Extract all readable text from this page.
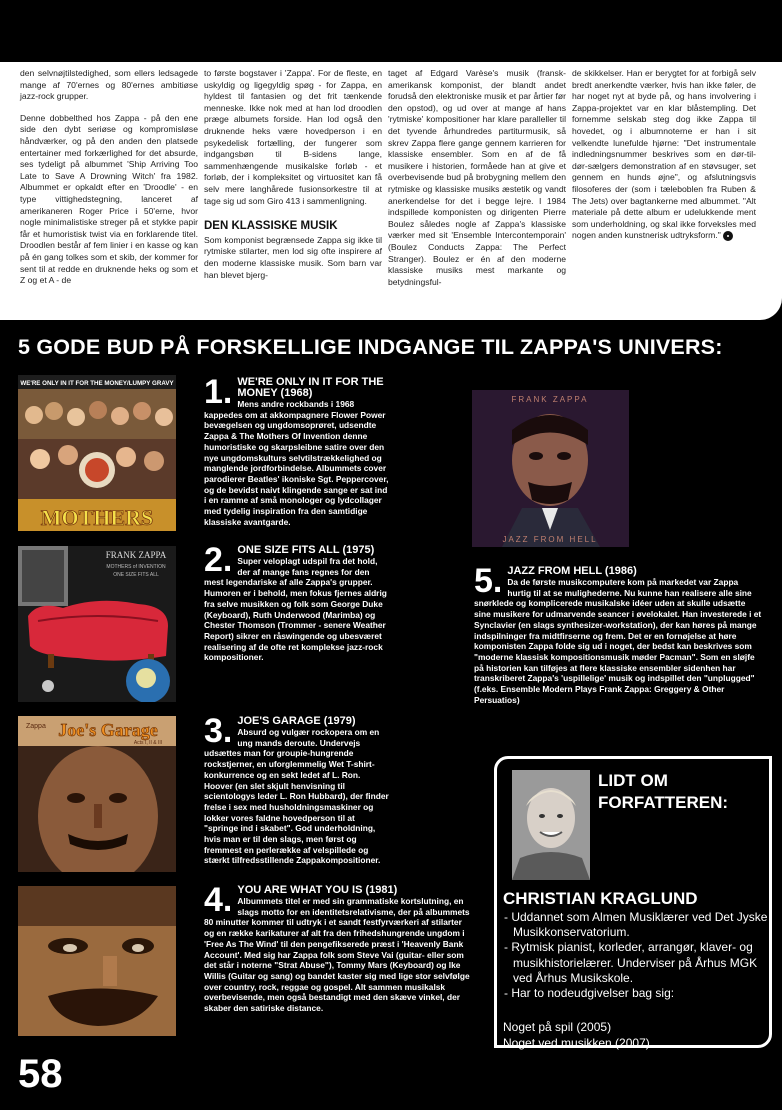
den selvnøjtilstedighed, som ellers ledsagede mange af 70'ernes og 80'ernes ambitiøse jazz-rock grupper.

Denne dobbelthed hos Zappa - på den ene side den dybt seriøse og kompromisløse håndværker, og på den anden den platsede entertainer med forkærlighed for det absurde, ses tydeligt på albummet 'Ship Arriving Too Late to Save A Drowning Witch' fra 1982. Albummet er opkaldt efter en 'Droodle' - en type vittighedstegning, lanceret af amerikaneren Roger Price i 50'erne, hvor nogle minimalistiske streger på et stykke papir får et humoristisk twist via en forklarende titel. Droodlen består af fem linier i en kasse og kan på én gang tolkes som et skib, der kommer for sent til at redde en druknende heks og som et Z og et A - de

to første bogstaver i 'Zappa'. For de fleste, en uskyldig og ligegyldig spøg - for Zappa, en hyldest til fantasien og det frit tænkende menneske. Ikke nok med at han lod droodlen præge albumets forside. Han lod også den druknende heks være hovedperson i en psykedelisk fortælling, der fungerer som indgangsbøn til B-sidens lange, sammenhængende musikalske forløb - et forløb, der i kompleksitet og virtuositet kan få selv mere langhårede fusionsorkestre til at tage sig ud som Giro 413 i sammenligning.

DEN KLASSISKE MUSIK

Som komponist begrænsede Zappa sig ikke til rytmiske stilarter, men lod sig ofte inspirere af den moderne klassiske musik. Som barn var han blevet bjerg-

taget af Edgard Varèse's musik (fransk-amerikansk komponist, der blandt andet forudså den elektroniske musik et par årtier før den opstod), og ud over at mange af hans 'rytmiske' kompositioner har klare paralleller til det tyvende århundredes partiturmusik, så skrev Zappa flere gange gennem karrieren for klassiske ensembler. Som en af de få musikere i historien, formåede han at give et overbevisende bud på brobygning mellem den rytmiske og klassiske musiks æstetik og vandt anerkendelse for det i begge lejre. I 1984 indspillede komponisten og dirigenten Pierre Boulez således nogle af Zappa's klassiske værker med sit 'Ensemble Intercontemporain' (Boulez Conducts Zappa: The Perfect Stranger). Boulez er én af den moderne klassiske musiks mest markante og betydningsful-

de skikkelser. Han er berygtet for at forbigå selv bredt anerkendte værker, hvis han ikke føler, de har noget nyt at byde på, og hans involvering i Zappa-projektet var en klar blåstempling. Det fornemme selskab steg dog ikke Zappa til hovedet, og i albumnoterne er han i sit velkendte lunefulde hjørne: "Det instrumentale indledningsnummer beskrives som en dør-til-dør-sælgers demonstration af en støvsuger, set gennem en hunds øjne", og afslutningsvis filosoferes der (som i tæleboblen fra Ruben & The Jets) over bagtankerne med albummet. "Alt materiale på dette album er udelukkende ment som underholdning, og skal ikke forveksles med nogen anden kunstnerisk udtryksform."

5 GODE BUD PÅ FORSKELLIGE INDGANGE TIL ZAPPA'S UNIVERS:
WE'RE ONLY IN IT FOR THE MONEY/LUMPY GRAVY
MOTHERS
1. WE'RE ONLY IN IT FOR THE MONEY (1968)
Mens andre rockbands i 1968 kappedes om at akkompagnere Flower Power bevægelsen og ungdomsoprøret, udsendte Zappa & The Mothers Of Invention denne humoristiske og skarpsleibne satire over den nye ungdomskulturs selvtilstrækkelighed og manglende jordforbindelse. Albummets cover parodierer Beatles' ikoniske Sgt. Peppercover, og de bevidst naivt klingende sange er sat ind i en ramme af små monologer og lydcollager med tydelig inspiration fra den samtidige klassiske avantgarde.
FRANK ZAPPA
MOTHERS of INVENTION
ONE SIZE FITS ALL 2. ONE SIZE FITS ALL (1975)
Super veloplagt udspil fra det hold, der af mange fans regnes for den mest legendariske af alle Zappa's grupper. Humoren er i behold, men fokus fjernes aldrig fra selve musikken og folk som George Duke (Keyboard), Ruth Underwood (Marimba) og Chester Thomson (Trommer - senere Weather Report) sikrer en råswingende og ubesværet realisering af de ofte ret komplekse jazz-rock kompositioner.
Zappa Joe's Garage
Acts I, II & III 3. JOE'S GARAGE (1979)
Absurd og vulgær rockopera om en ung mands deroute. Undervejs udsættes man for groupie-hungrende rockstjerner, en uforglemmelig Wet T-shirt-konkurrence og en sekt ledet af L. Ron. Hoover (en slet skjult henvisning til scientologys leder L. Ron Hubbard), der finder frelse i sex med husholdningsmaskiner og lokker vores faldne hovedperson til at "springe ind i skabet". God underholdning, hvis man er til den slags, men først og fremmest en perlerække af velspillede og stærkt tilfredsstillende Zappakompositioner.
4. YOU ARE WHAT YOU IS (1981)
Albummets titel er med sin grammatiske kortslutning, en slags motto for en identitetsrelativisme, der på albummets 80 minutter kommer til udtryk i et sandt festfyrværkeri af stilarter og en række karikaturer af alt fra den frihedshungrende ungdom i 'Free As The Wind' til den pengefikserede præst i 'Heavenly Bank Account'. Med sig har Zappa folk som Steve Vai (guitar- eller som det står i noterne "Strat Abuse"), Tommy Mars (Keyboard) og Ike Willis (Guitar og sang) og bandet kaster sig med lige stor selvfølge over country, rock, reggae og gospel. Alt sammen musikalsk overbevisende, men også bestandigt med den skæve vinkel, der skaber den satiriske distance.
FRANK ZAPPA
JAZZ FROM HELL
5. JAZZ FROM HELL (1986)
Da de første musikcomputere kom på markedet var Zappa hurtig til at se mulighederne. Nu kunne han realisere alle sine snørklede og komplicerede musikalske idéer uden at skulle udsætte sine musikere for udmarvende seancer i øvelokalet. Han investerede i et Synclavier (en slags synthesizer-workstation), der kan høres på mange indspilninger fra midtfirserne og frem. Det er en fornøjelse at høre komponisten Zappa folde sig ud i noget, der bedst kan beskrives som "moderne klassisk kompositionsmusik møder Pacman". Som en sløjfe på historien kan tilføjes at flere klassiske ensembler sidenhen har transkriberet Zappa's 'uspillelige' musik og indspillet den "unplugged" (f.eks. Ensemble Modern Plays Frank Zappa: Greggery & Other Persuatios)
LIDT OM
FORFATTEREN:
CHRISTIAN KRAGLUND
- Uddannet som Almen Musiklærer ved Det Jyske Musikkonservatorium.
- Rytmisk pianist, korleder, arrangør, klaver- og musikhistorielærer. Underviser på Århus MGK ved Århus Musikskole.
- Har to nodeudgivelser bag sig:
Noget på spil (2005)
Noget ved musikken (2007)
58
